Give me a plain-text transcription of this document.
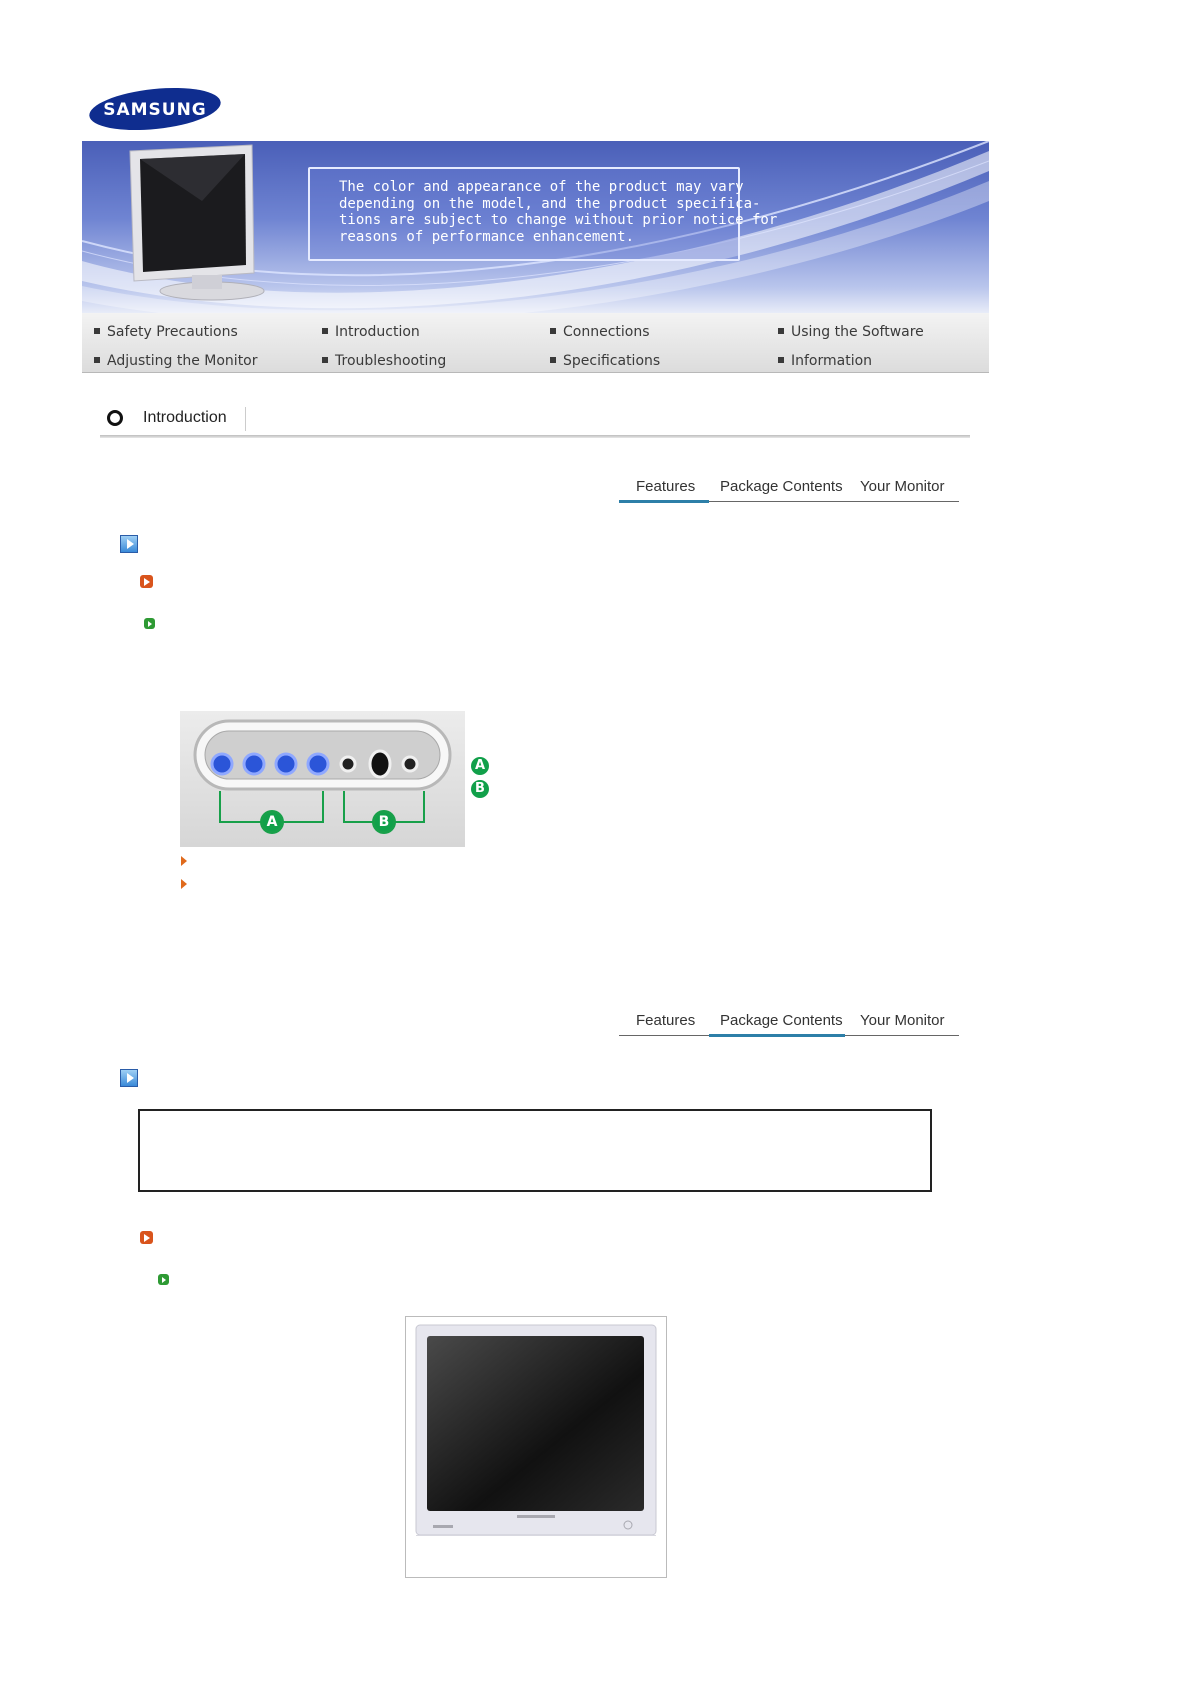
SAMSUNG
The color and appearance of the product may vary
depending on the model, and the product specifica-
tions are subject to change without prior notice for
reasons of performance enhancement.
Safety Precautions	Introduction	Connections	Using the Software
Adjusting the Monitor	Troubleshooting	Specifications	Information
Introduction
Features Package Contents Your Monitor
A	B
A
B
Features Package Contents Your Monitor
